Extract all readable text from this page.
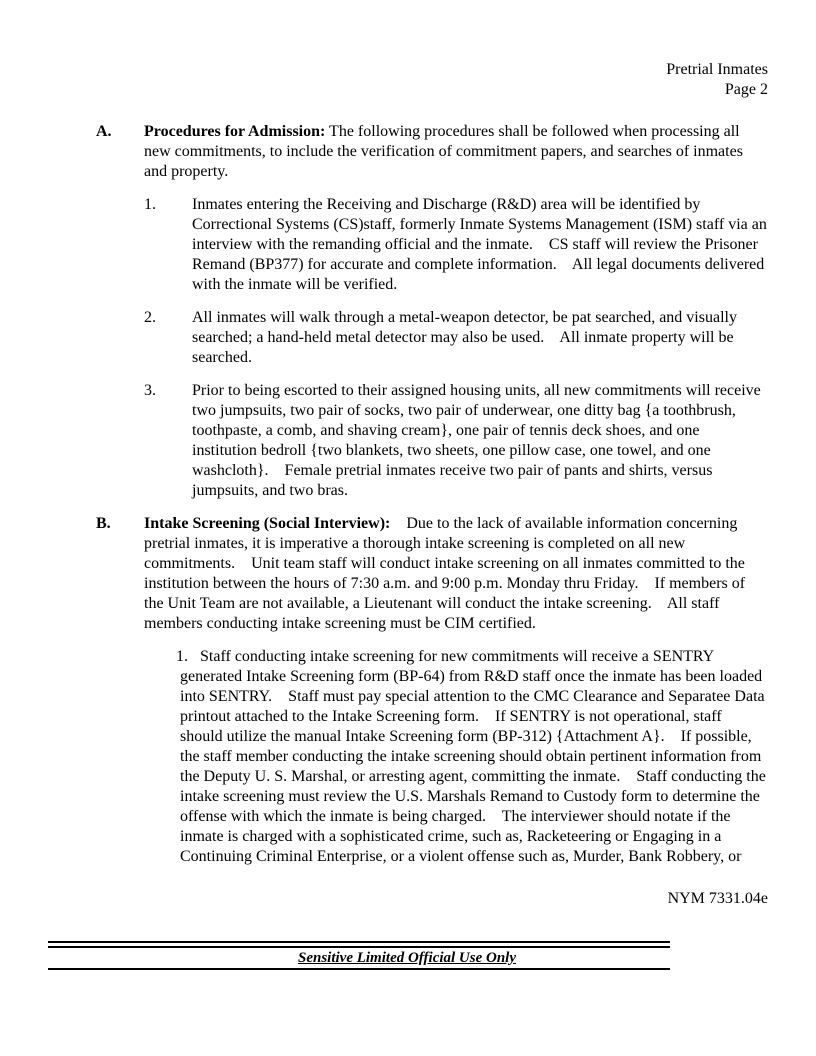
Pretrial Inmates
Page 2

A. Procedures for Admission: The following procedures shall be followed when processing all new commitments, to include the verification of commitment papers, and searches of inmates and property.

1. Inmates entering the Receiving and Discharge (R&D) area will be identified by Correctional Systems (CS)staff, formerly Inmate Systems Management (ISM) staff via an interview with the remanding official and the inmate.    CS staff will review the Prisoner Remand (BP377) for accurate and complete information.    All legal documents delivered with the inmate will be verified.

2. All inmates will walk through a metal-weapon detector, be pat searched, and visually searched; a hand-held metal detector may also be used.    All inmate property will be searched.

3. Prior to being escorted to their assigned housing units, all new commitments will receive two jumpsuits, two pair of socks, two pair of underwear, one ditty bag {a toothbrush, toothpaste, a comb, and shaving cream}, one pair of tennis deck shoes, and one institution bedroll {two blankets, two sheets, one pillow case, one towel, and one washcloth}.    Female pretrial inmates receive two pair of pants and shirts, versus jumpsuits, and two bras.

B. Intake Screening (Social Interview):    Due to the lack of available information concerning pretrial inmates, it is imperative a thorough intake screening is completed on all new commitments.    Unit team staff will conduct intake screening on all inmates committed to the institution between the hours of 7:30 a.m. and 9:00 p.m. Monday thru Friday.    If members of the Unit Team are not available, a Lieutenant will conduct the intake screening.    All staff members conducting intake screening must be CIM certified.

1. Staff conducting intake screening for new commitments will receive a SENTRY generated Intake Screening form (BP-64) from R&D staff once the inmate has been loaded into SENTRY.    Staff must pay special attention to the CMC Clearance and Separatee Data printout attached to the Intake Screening form.    If SENTRY is not operational, staff should utilize the manual Intake Screening form (BP-312) {Attachment A}.    If possible, the staff member conducting the intake screening should obtain pertinent information from the Deputy U. S. Marshal, or arresting agent, committing the inmate.    Staff conducting the intake screening must review the U.S. Marshals Remand to Custody form to determine the offense with which the inmate is being charged.    The interviewer should notate if the inmate is charged with a sophisticated crime, such as, Racketeering or Engaging in a Continuing Criminal Enterprise, or a violent offense such as, Murder, Bank Robbery, or

NYM 7331.04e
Sensitive Limited Official Use Only
